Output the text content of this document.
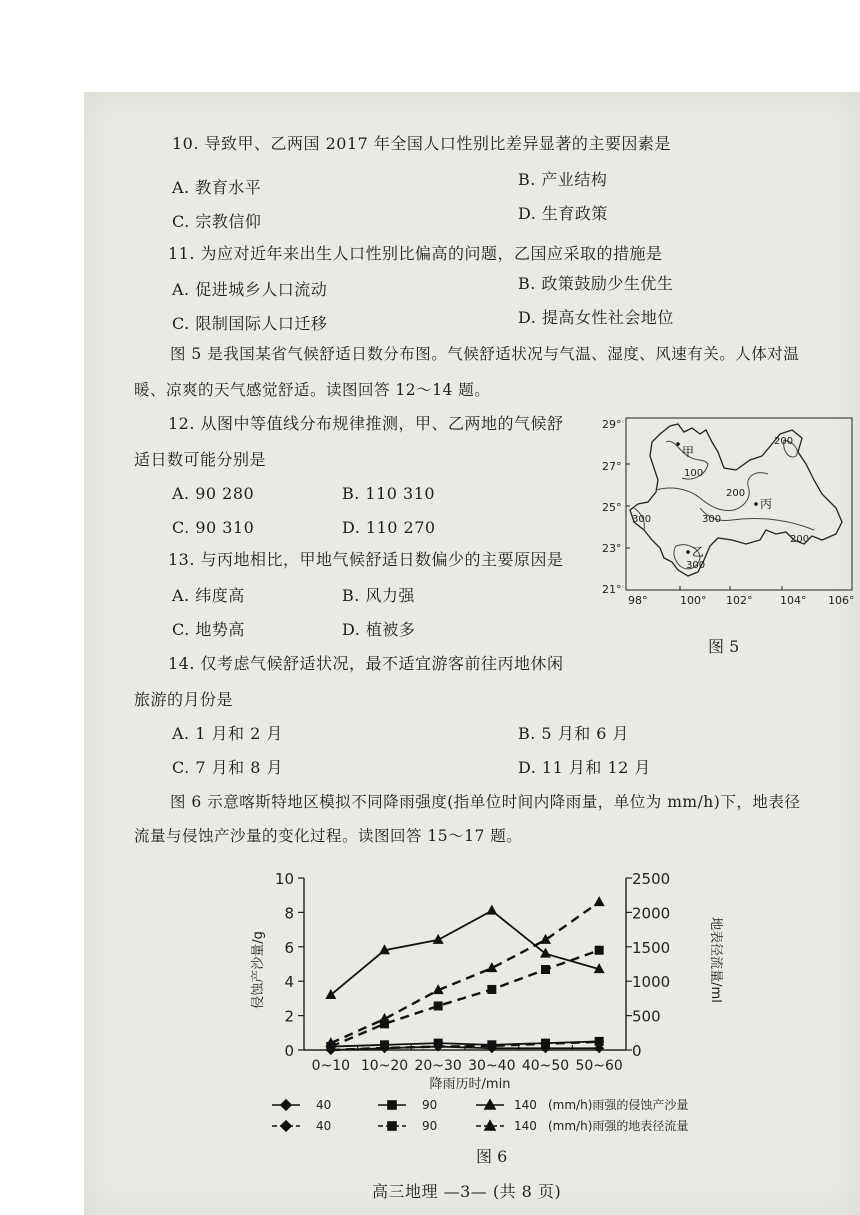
10. 导致甲、乙两国 2017 年全国人口性别比差异显著的主要因素是
A. 教育水平	B. 产业结构
C. 宗教信仰	D. 生育政策
11. 为应对近年来出生人口性别比偏高的问题，乙国应采取的措施是
A. 促进城乡人口流动	B. 政策鼓励少生优生
C. 限制国际人口迁移	D. 提高女性社会地位
图 5 是我国某省气候舒适日数分布图。气候舒适状况与气温、湿度、风速有关。人体对温
暖、凉爽的天气感觉舒适。读图回答 12～14 题。
12. 从图中等值线分布规律推测，甲、乙两地的气候舒
适日数可能分别是
A. 90 280	B. 110 310
C. 90 310	D. 110 270
13. 与丙地相比，甲地气候舒适日数偏少的主要原因是
A. 纬度高	B. 风力强
C. 地势高	D. 植被多
14. 仅考虑气候舒适状况，最不适宜游客前往丙地休闲
旅游的月份是
A. 1 月和 2 月	B. 5 月和 6 月
C. 7 月和 8 月	D. 11 月和 12 月
图 6 示意喀斯特地区模拟不同降雨强度(指单位时间内降雨量，单位为 mm/h)下，地表径
流量与侵蚀产沙量的变化过程。读图回答 15～17 题。
29°
27°
25°
23°
21°
98°	100° 102°	104° 106°
100
200
200
200
300
300
300
甲
丙
乙
图 5
侵蚀产沙量/g	地表径流量/ml
降雨历时/min
0
2
4
6
8
10
0
500
1000
1500
2000
2500
0~10 10~20 20~30 30~40 40~50 50~60
40	90	140 (mm/h)雨强的侵蚀产沙量
40	90	140 (mm/h)雨强的地表径流量
图 6
高三地理 —3— (共 8 页)
